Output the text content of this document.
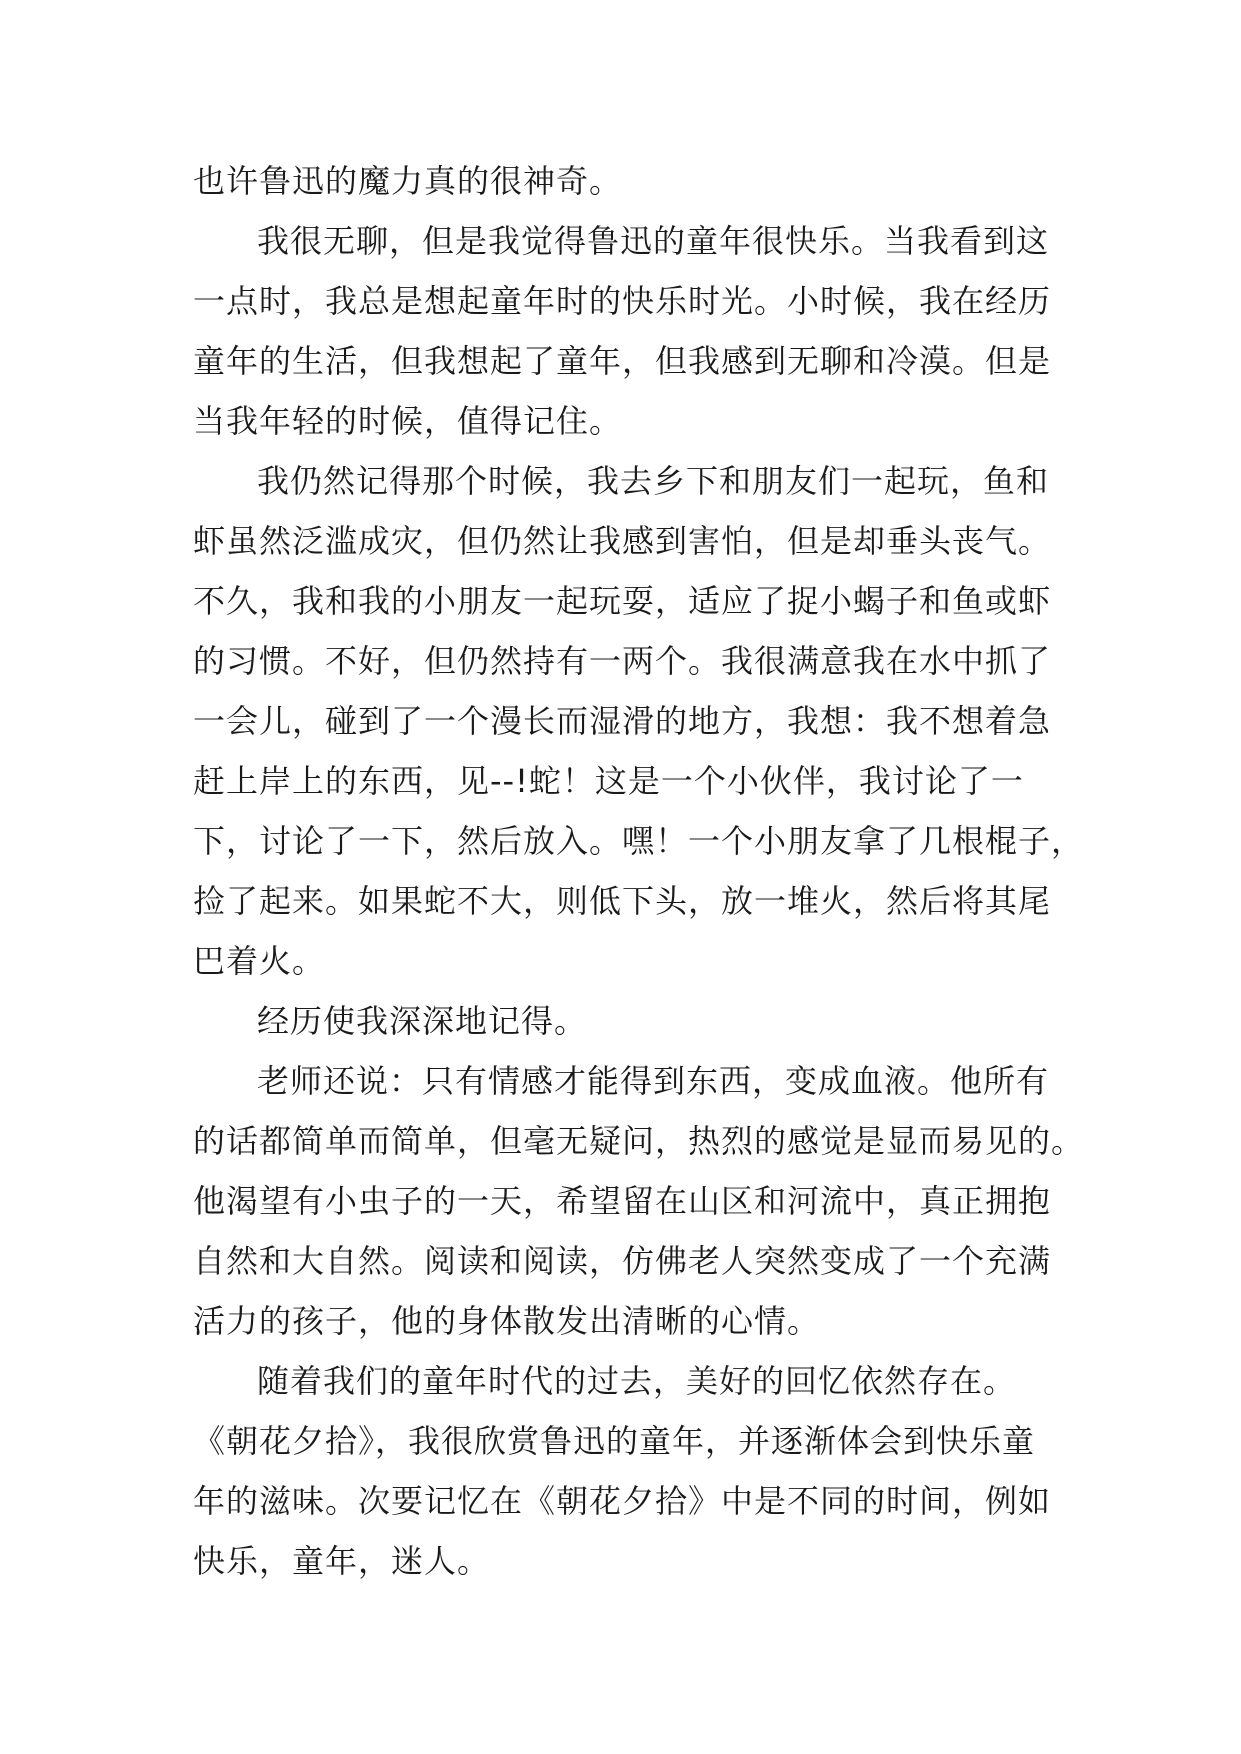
也许鲁迅的魔力真的很神奇。
我很无聊，但是我觉得鲁迅的童年很快乐。当我看到这
一点时，我总是想起童年时的快乐时光。小时候，我在经历
童年的生活，但我想起了童年，但我感到无聊和冷漠。但是
当我年轻的时候，值得记住。
我仍然记得那个时候，我去乡下和朋友们一起玩，鱼和
虾虽然泛滥成灾，但仍然让我感到害怕，但是却垂头丧气。
不久，我和我的小朋友一起玩耍，适应了捉小蝎子和鱼或虾
的习惯。不好，但仍然持有一两个。我很满意我在水中抓了
一会儿，碰到了一个漫长而湿滑的地方，我想：我不想着急
赶上岸上的东西，见--!蛇！这是一个小伙伴，我讨论了一
下，讨论了一下，然后放入。嘿！一个小朋友拿了几根棍子，
捡了起来。如果蛇不大，则低下头，放一堆火，然后将其尾
巴着火。
经历使我深深地记得。
老师还说：只有情感才能得到东西，变成血液。他所有
的话都简单而简单，但毫无疑问，热烈的感觉是显而易见的。
他渴望有小虫子的一天，希望留在山区和河流中，真正拥抱
自然和大自然。阅读和阅读，仿佛老人突然变成了一个充满
活力的孩子，他的身体散发出清晰的心情。
随着我们的童年时代的过去，美好的回忆依然存在。
《朝花夕拾》，我很欣赏鲁迅的童年，并逐渐体会到快乐童
年的滋味。次要记忆在《朝花夕拾》中是不同的时间，例如
快乐，童年，迷人。
